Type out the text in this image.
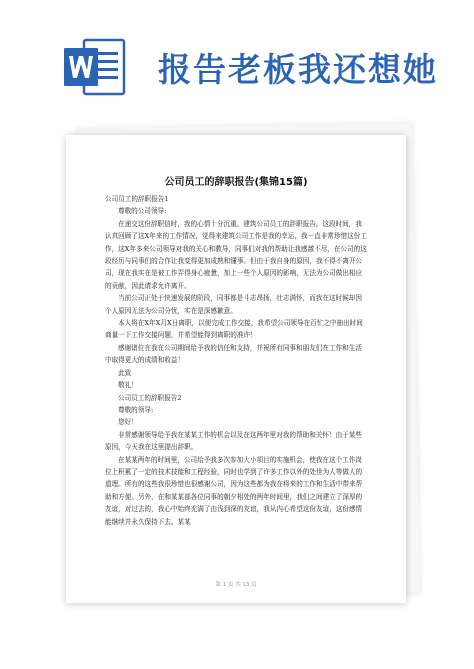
报告老板我还想她
公司员工的辞职报告(集锦15篇)

公司员工的辞职报告1

尊敬的公司领导:

在递交这份辞职信时，我的心情十分沉重。建筑公司员工的辞职报告。这段时间，我认真回顾了这X年来的工作情况，觉得来建筑公司工作是我的幸运，我一直非常珍惜这份工作，这X年多来公司领导对我的关心和教导，同事们对我的帮助让我感激不尽，在公司的这段经历与同事们的合作让我变得更加成熟和懂事。但由于我自身的原因，我不得不离开公司，现在我实在是被工作弄得身心疲惫，加上一些个人原因的影响，无法为公司做出相应的贡献，因此请求允许离开。

当前公司正处于快速发展的阶段，同事都是斗志昂扬，壮志满怀，而我在这时候却因个人原因无法为公司分忧，实在是深感歉意。

本人将在X年X月X日离职，以便完成工作交接，我希望公司领导在百忙之中抽出时间商量一下工作交接问题，并希望能得到离职的准许！

感谢诸位在我在公司期间给予我的信任和支持，并祝所有同事和朋友们在工作和生活中取得更大的成绩和收益！

此致

敬礼！

公司员工的辞职报告2

尊敬的领导:

您好！

非常感谢领导给予我在某某工作的机会以及在这两年里对我的帮助和关怀！由于某些原因，今天我在这里提出辞职。

在某某两年的时间里，公司给予我多次参加大小项目的实施机会，使我在这个工作岗位上积累了一定的技术技能和工程经验，同时也学到了许多工作以外的处世为人等做人的道理。所有的这些我很珍惜也很感谢公司，因为这些都为我在将来的工作和生活中带来帮助和方便。另外，在和某某部各位同事的朝夕相处的两年时间里，我们之间建立了深厚的友谊，对过去的，我心中始终充满了由浅到深的友谊，我从内心希望这份友谊，这份感情能继续并永久保持下去。某某

第 1 页 共 13 页
